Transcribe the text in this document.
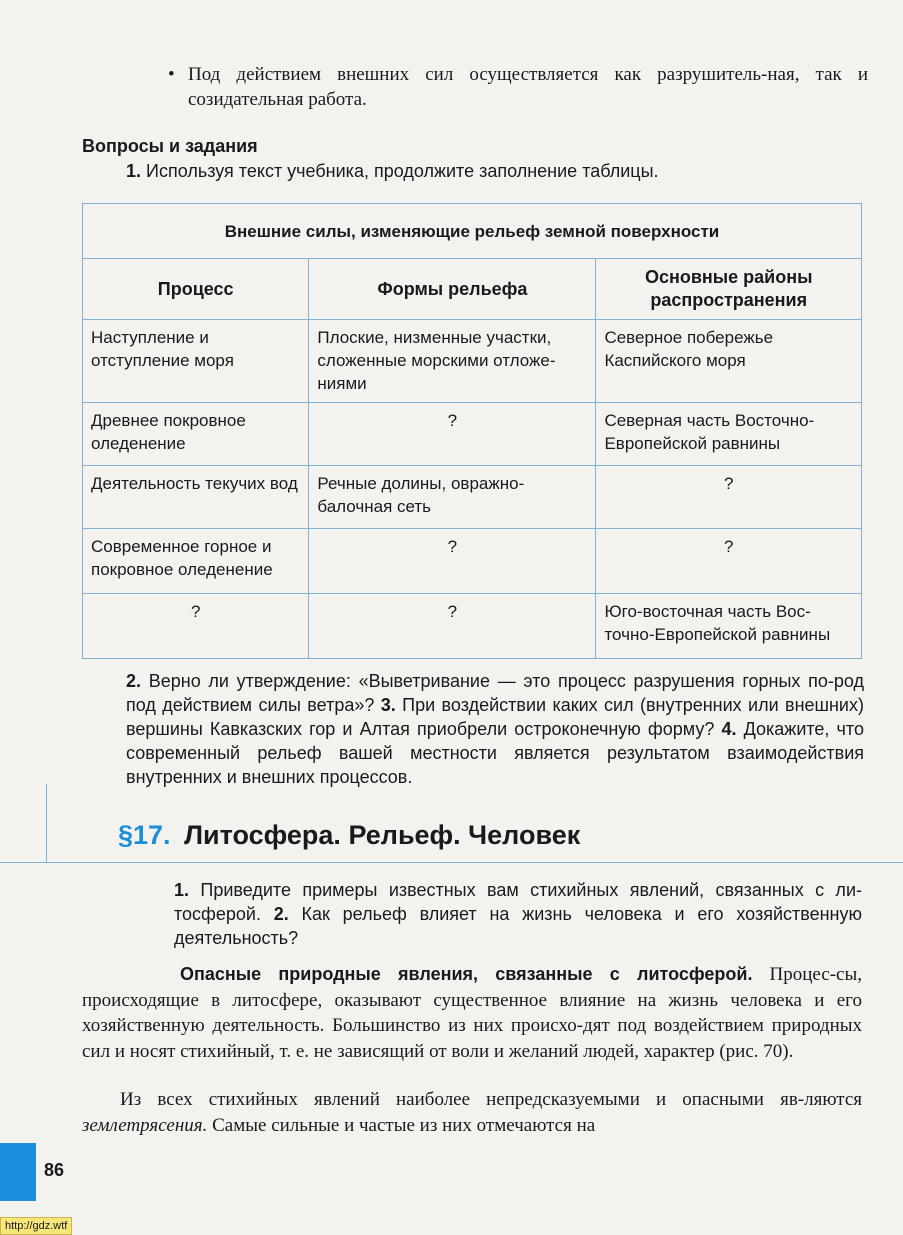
• Под действием внешних сил осуществляется как разрушитель-ная, так и созидательная работа.
Вопросы и задания
1. Используя текст учебника, продолжите заполнение таблицы.
Внешние силы, изменяющие рельеф земной поверхности		
Процесс	Формы рельефа	Основные районы распространения
Наступление и отступление моря	Плоские, низменные участки, сложенные морскими отложе-ниями	Северное побережье Каспийского моря
Древнее покровное оледенение	?	Северная часть Восточно-Европейской равнины
Деятельность текучих вод	Речные долины, овражно-балочная сеть	?
Современное горное и покровное оледенение	?	?
?	?	Юго-восточная часть Вос-точно-Европейской равнины
2. Верно ли утверждение: «Выветривание — это процесс разрушения горных по-род под действием силы ветра»? 3. При воздействии каких сил (внутренних или внешних) вершины Кавказских гор и Алтая приобрели остроконечную форму? 4. Докажите, что современный рельеф вашей местности является результатом взаимодействия внутренних и внешних процессов.
§17. Литосфера. Рельеф. Человек
1. Приведите примеры известных вам стихийных явлений, связанных с ли-тосферой. 2. Как рельеф влияет на жизнь человека и его хозяйственную деятельность?
Опасные природные явления, связанные с литосферой. Процес-сы, происходящие в литосфере, оказывают существенное влияние на жизнь человека и его хозяйственную деятельность. Большинство из них происхо-дят под воздействием природных сил и носят стихийный, т. е. не зависящий от воли и желаний людей, характер (рис. 70).
Из всех стихийных явлений наиболее непредсказуемыми и опасными яв-ляются землетрясения. Самые сильные и частые из них отмечаются на
86
http://gdz.wtf
